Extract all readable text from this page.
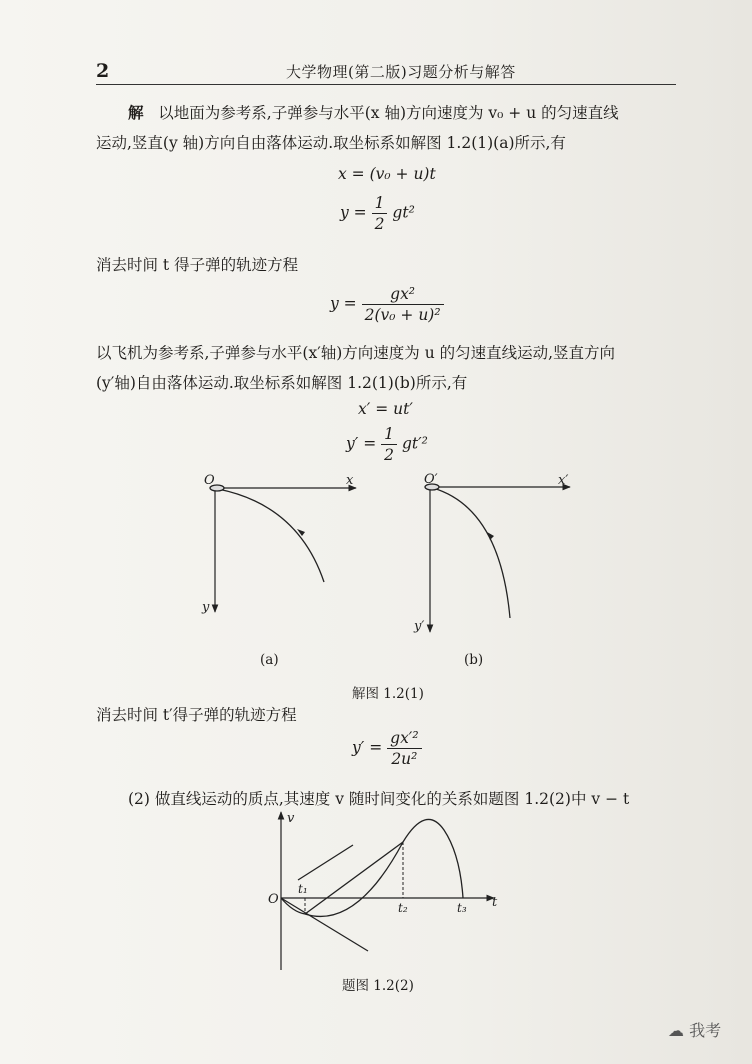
2	大学物理(第二版)习题分析与解答
解 以地面为参考系,子弹参与水平(x 轴)方向速度为 v₀ + u 的匀速直线
运动,竖直(y 轴)方向自由落体运动.取坐标系如解图 1.2(1)(a)所示,有
x = (v₀ + u)t
$y = \frac{1}{2} gt^2$
消去时间 t 得子弹的轨迹方程
$y = \frac{\text{gx²}}{\text{2(v₀ + u)²}}$
以飞机为参考系,子弹参与水平(x′轴)方向速度为 u 的匀速直线运动,竖直方向
(y′轴)自由落体运动.取坐标系如解图 1.2(1)(b)所示,有
x′ = ut′
$y' = \frac{1}{2} gt'^2$
O	x
y
O′	x′
y′
(a)	(b)
解图 1.2(1)
消去时间 t′得子弹的轨迹方程
$y' = \frac{\text{gx′²}}{\text{2u²}}$
(2) 做直线运动的质点,其速度 v 随时间变化的关系如题图 1.2(2)中 v − t
v
t
O
t₁
t₂	t₃
题图 1.2(2)
☁ 我考
